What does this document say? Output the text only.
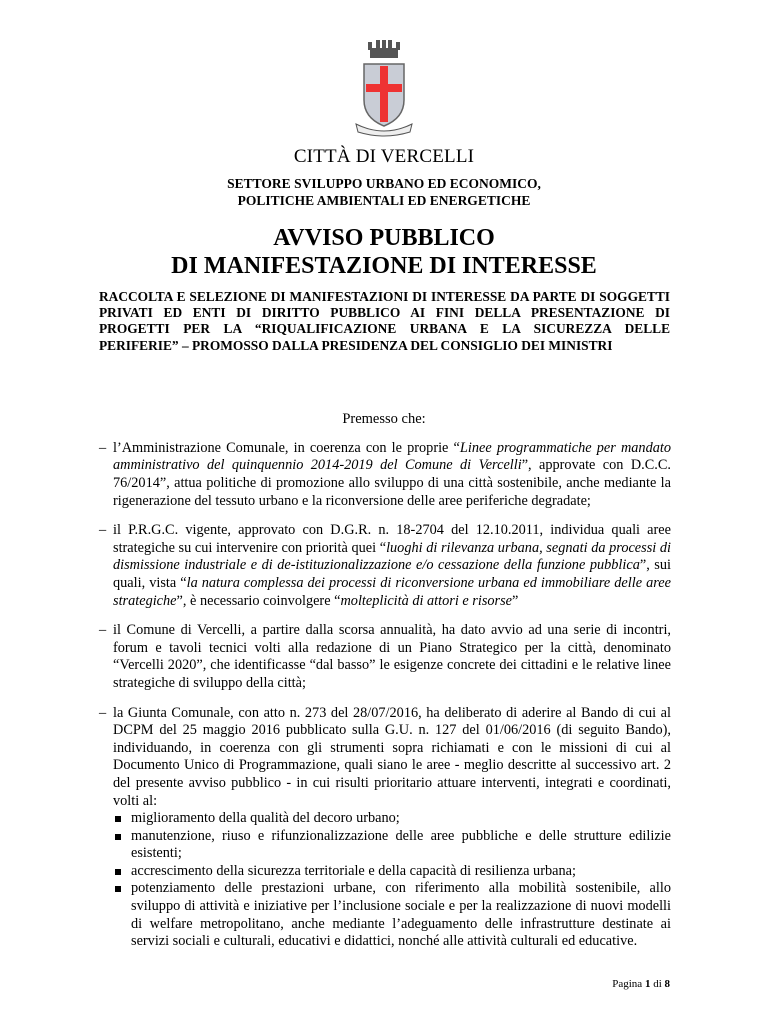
CITTÀ DI VERCELLI
SETTORE SVILUPPO URBANO ED ECONOMICO,
POLITICHE AMBIENTALI ED ENERGETICHE
AVVISO PUBBLICO
DI MANIFESTAZIONE DI INTERESSE
RACCOLTA E SELEZIONE DI MANIFESTAZIONI DI INTERESSE DA PARTE DI SOGGETTI PRIVATI ED ENTI DI DIRITTO PUBBLICO AI FINI DELLA PRESENTAZIONE DI PROGETTI PER LA “RIQUALIFICAZIONE URBANA E LA SICUREZZA DELLE PERIFERIE” – PROMOSSO DALLA PRESIDENZA DEL CONSIGLIO DEI MINISTRI
Premesso che:
– l’Amministrazione Comunale, in coerenza con le proprie “Linee programmatiche per mandato amministrativo del quinquennio 2014-2019 del Comune di Vercelli”, approvate con D.C.C. 76/2014”, attua politiche di promozione allo sviluppo di una città sostenibile, anche mediante la rigenerazione del tessuto urbano e la riconversione delle aree periferiche degradate;
– il P.R.G.C. vigente, approvato con D.G.R. n. 18-2704 del 12.10.2011, individua quali aree strategiche su cui intervenire con priorità quei “luoghi di rilevanza urbana, segnati da processi di dismissione industriale e di de-istituzionalizzazione e/o cessazione della funzione pubblica”, sui quali, vista “la natura complessa dei processi di riconversione urbana ed immobiliare delle aree strategiche”, è necessario coinvolgere “molteplicità di attori e risorse”
– il Comune di Vercelli, a partire dalla scorsa annualità, ha dato avvio ad una serie di incontri, forum e tavoli tecnici volti alla redazione di un Piano Strategico per la città, denominato “Vercelli 2020”, che identificasse “dal basso” le esigenze concrete dei cittadini e le relative linee strategiche di sviluppo della città;
– la Giunta Comunale, con atto n. 273 del 28/07/2016, ha deliberato di aderire al Bando di cui al DCPM del 25 maggio 2016 pubblicato sulla G.U. n. 127 del 01/06/2016 (di seguito Bando), individuando, in coerenza con gli strumenti sopra richiamati e con le missioni di cui al Documento Unico di Programmazione, quali siano le aree - meglio descritte al successivo art. 2 del presente avviso pubblico - in cui risulti prioritario attuare interventi, integrati e coordinati, volti al:
miglioramento della qualità del decoro urbano;
manutenzione, riuso e rifunzionalizzazione delle aree pubbliche e delle strutture edilizie esistenti;
accrescimento della sicurezza territoriale e della capacità di resilienza urbana;
potenziamento delle prestazioni urbane, con riferimento alla mobilità sostenibile, allo sviluppo di attività e iniziative per l’inclusione sociale e per la realizzazione di nuovi modelli di welfare metropolitano, anche mediante l’adeguamento delle infrastrutture destinate ai servizi sociali e culturali, educativi e didattici, nonché alle attività culturali ed educative.
Pagina 1 di 8
